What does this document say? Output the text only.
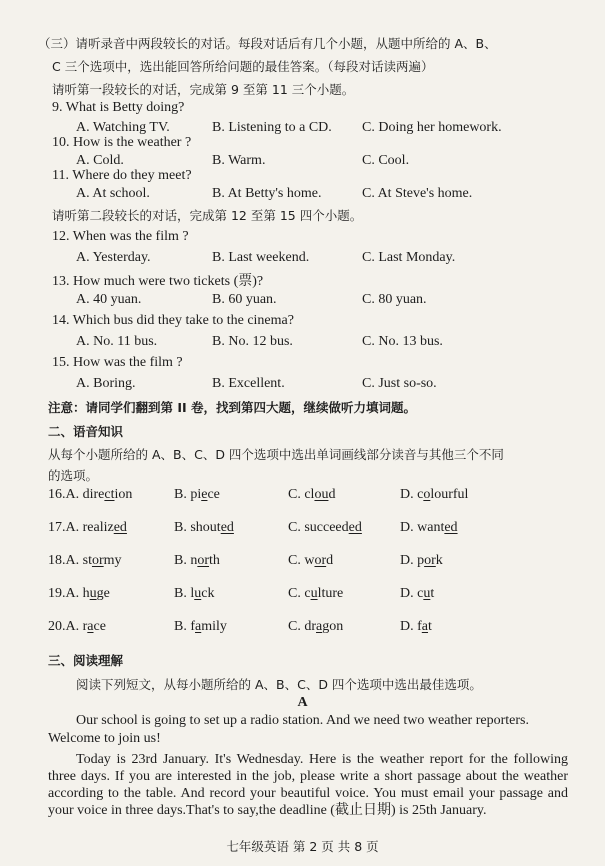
（三）请听录音中两段较长的对话。每段对话后有几个小题，从题中所给的 A、B、
C 三个选项中，选出能回答所给问题的最佳答案。（每段对话读两遍）
请听第一段较长的对话，完成第 9 至第 11 三个小题。
9. What is Betty doing?
A. Watching TV.	B. Listening to a CD. C. Doing her homework.
10. How is the weather ?
A. Cold.	B. Warm.	C. Cool.
11. Where do they meet?
A. At school.	B. At Betty's home.	C. At Steve's home.
请听第二段较长的对话，完成第 12 至第 15 四个小题。
12. When was the film ?
A. Yesterday.	B. Last weekend.	C. Last Monday.
13. How much were two tickets (票)?
A. 40 yuan.	B. 60 yuan.	C. 80 yuan.
14. Which bus did they take to the cinema?
A. No. 11 bus.	B. No. 12 bus.	C. No. 13 bus.
15. How was the film ?
A. Boring.	B. Excellent.	C. Just so-so.
注意：请同学们翻到第 II 卷，找到第四大题，继续做听力填词题。
二、语音知识
从每个小题所给的 A、B、C、D 四个选项中选出单词画线部分读音与其他三个不同
的选项。
16.A. direction	B. piece	C. cloud	D. colourful
17.A. realized	B. shouted	C. succeeded	D. wanted
18.A. stormy	B. north	C. word	D. pork
19.A. huge	B. luck	C. culture	D. cut
20.A. race	B. family	C. dragon	D. fat
三、阅读理解
阅读下列短文，从每小题所给的 A、B、C、D 四个选项中选出最佳选项。
A
Our school is going to set up a radio station. And we need two weather reporters.
Welcome to join us!
Today is 23rd January. It's Wednesday. Here is the weather report for the following three days. If you are interested in the job, please write a short passage about the weather according to the table. And record your beautiful voice. You must email your passage and your voice in three days.That's to say,the deadline (截止日期) is 25th January.
七年级英语 第 2 页 共 8 页
